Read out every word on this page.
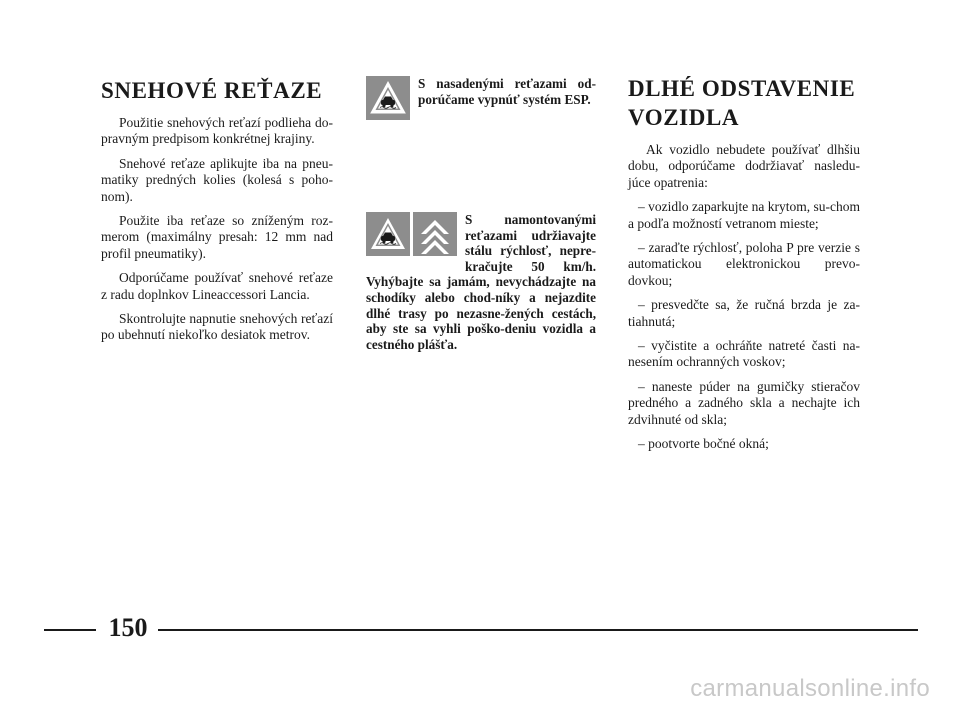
SNEHOVÉ REŤAZE

Použitie snehových reťazí podlieha do-pravným predpisom konkrétnej krajiny.

Snehové reťaze aplikujte iba na pneu-matiky predných kolies (kolesá s poho-nom).

Použite iba reťaze so zníženým roz-merom (maximálny presah: 12 mm nad profil pneumatiky).

Odporúčame používať snehové reťaze z radu doplnkov Lineaccessori Lancia.

Skontrolujte napnutie snehových reťazí po ubehnutí niekoľko desiatok metrov.

S nasadenými reťazami od-porúčame vypnúť systém ESP.

S namontovanými reťazami udržiavajte stálu rýchlosť, nepre-kračujte 50 km/h. Vyhýbajte sa jamám, nevychádzajte na schodíky alebo chod-níky a nejazdite dlhé trasy po nezasne-žených cestách, aby ste sa vyhli poško-deniu vozidla a cestného plášťa.

DLHÉ ODSTAVENIE
VOZIDLA

Ak vozidlo nebudete používať dlhšiu dobu, odporúčame dodržiavať nasledu-júce opatrenia:

– vozidlo zaparkujte na krytom, su-chom a podľa možností vetranom mieste;

– zaraďte rýchlosť, poloha P pre verzie s automatickou elektronickou prevo-dovkou;

– presvedčte sa, že ručná brzda je za-tiahnutá;

– vyčistite a ochráňte natreté časti na-nesením ochranných voskov;

– naneste púder na gumičky stieračov predného a zadného skla a nechajte ich zdvihnuté od skla;

– pootvorte bočné okná;

150
carmanualsonline.info
